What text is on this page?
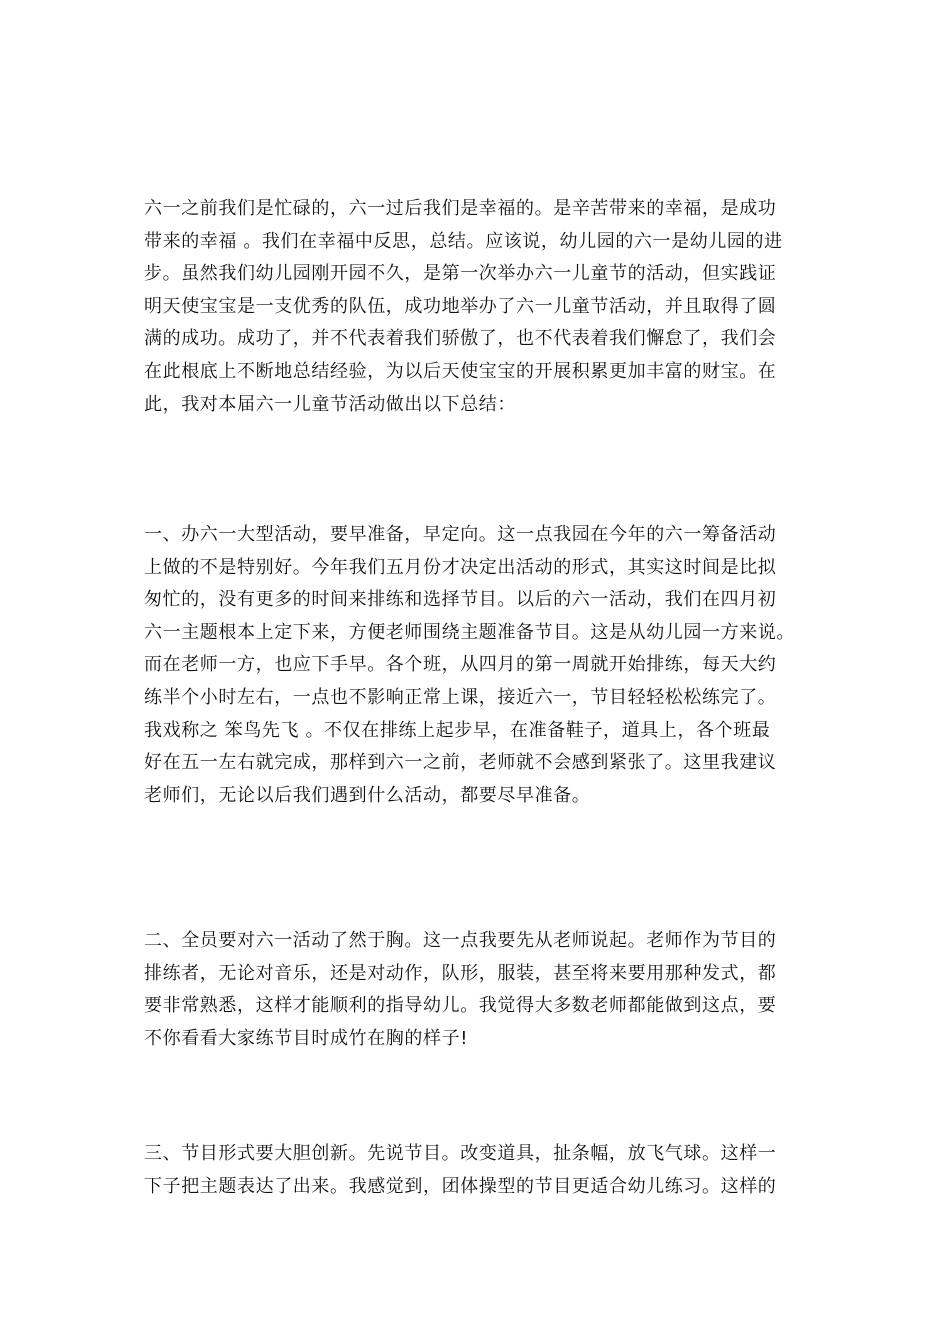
六一之前我们是忙碌的，六一过后我们是幸福的。是辛苦带来的幸福，是成功
带来的幸福 。我们在幸福中反思，总结。应该说，幼儿园的六一是幼儿园的进
步。虽然我们幼儿园刚开园不久，是第一次举办六一儿童节的活动，但实践证
明天使宝宝是一支优秀的队伍，成功地举办了六一儿童节活动，并且取得了圆
满的成功。成功了，并不代表着我们骄傲了，也不代表着我们懈怠了，我们会
在此根底上不断地总结经验，为以后天使宝宝的开展积累更加丰富的财宝。在
此，我对本届六一儿童节活动做出以下总结：

一、办六一大型活动，要早准备，早定向。这一点我园在今年的六一筹备活动
上做的不是特别好。今年我们五月份才决定出活动的形式，其实这时间是比拟
匆忙的，没有更多的时间来排练和选择节目。以后的六一活动，我们在四月初
六一主题根本上定下来，方便老师围绕主题准备节目。这是从幼儿园一方来说。
而在老师一方，也应下手早。各个班，从四月的第一周就开始排练，每天大约
练半个小时左右，一点也不影响正常上课，接近六一，节目轻轻松松练完了。
我戏称之 笨鸟先飞 。不仅在排练上起步早，在准备鞋子，道具上，各个班最
好在五一左右就完成，那样到六一之前，老师就不会感到紧张了。这里我建议
老师们，无论以后我们遇到什么活动，都要尽早准备。

二、全员要对六一活动了然于胸。这一点我要先从老师说起。老师作为节目的
排练者，无论对音乐，还是对动作，队形，服装，甚至将来要用那种发式，都
要非常熟悉，这样才能顺利的指导幼儿。我觉得大多数老师都能做到这点，要
不你看看大家练节目时成竹在胸的样子!

三、节目形式要大胆创新。先说节目。改变道具，扯条幅，放飞气球。这样一
下子把主题表达了出来。我感觉到，团体操型的节目更适合幼儿练习。这样的
